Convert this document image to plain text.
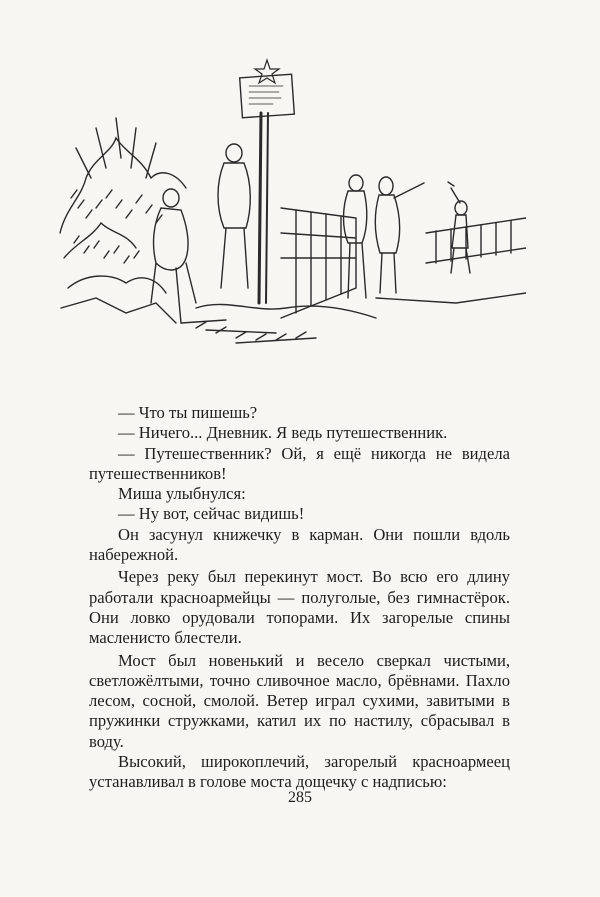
— Что ты пишешь?

— Ничего... Дневник. Я ведь путешественник.

— Путешественник? Ой, я ещё никогда не видела путешественников!

Миша улыбнулся:

— Ну вот, сейчас видишь!

Он засунул книжечку в карман. Они пошли вдоль набережной.

Через реку был перекинут мост. Во всю его длину работали красноармейцы — полуголые, без гимнастёрок. Они ловко орудовали топорами. Их загорелые спины масленисто блестели.

Мост был новенький и весело сверкал чистыми, светложёлтыми, точно сливочное масло, брёвнами. Пахло лесом, сосной, смолой. Ветер играл сухими, завитыми в пружинки стружками, катил их по настилу, сбрасывал в воду.

Высокий, широкоплечий, загорелый красноармеец устанавливал в голове моста дощечку с надписью:

285
